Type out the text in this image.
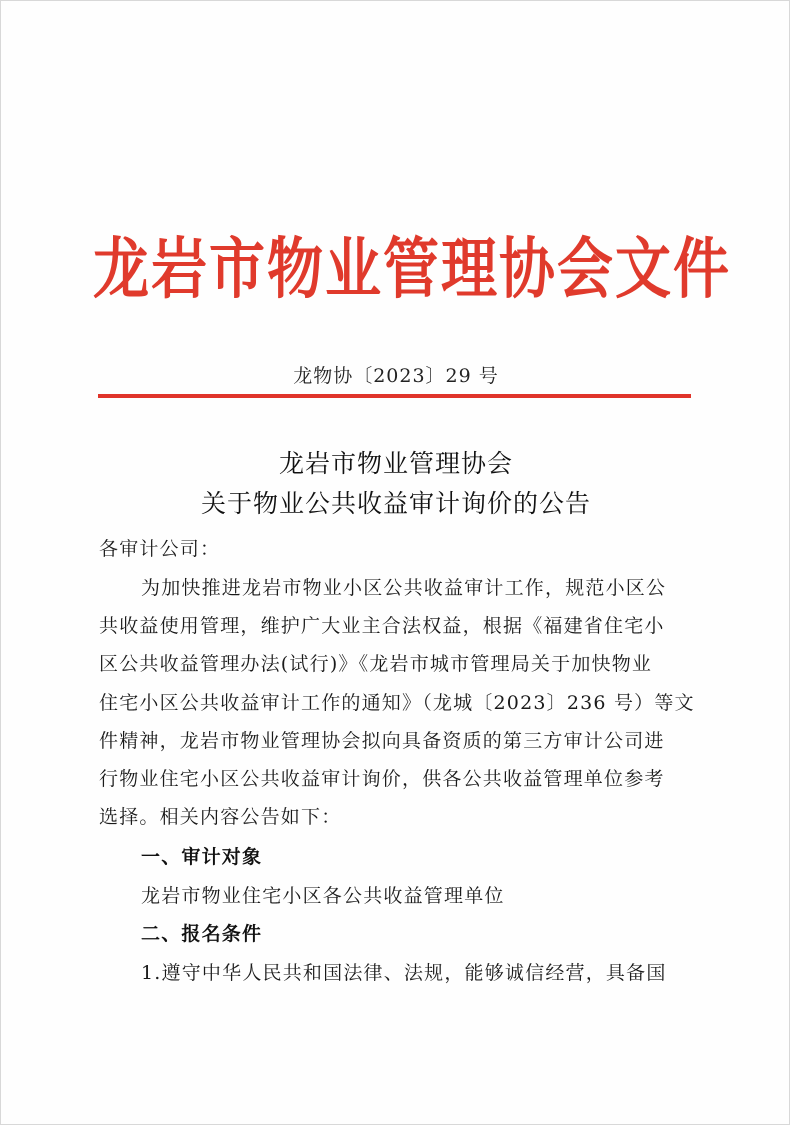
龙岩市物业管理协会文件
龙物协〔2023〕29 号
龙岩市物业管理协会
关于物业公共收益审计询价的公告
各审计公司：
为加快推进龙岩市物业小区公共收益审计工作，规范小区公
共收益使用管理，维护广大业主合法权益，根据《福建省住宅小
区公共收益管理办法(试行)》《龙岩市城市管理局关于加快物业
住宅小区公共收益审计工作的通知》（龙城〔2023〕236 号）等文
件精神，龙岩市物业管理协会拟向具备资质的第三方审计公司进
行物业住宅小区公共收益审计询价，供各公共收益管理单位参考
选择。相关内容公告如下：
一、审计对象
龙岩市物业住宅小区各公共收益管理单位
二、报名条件
1.遵守中华人民共和国法律、法规，能够诚信经营，具备国
